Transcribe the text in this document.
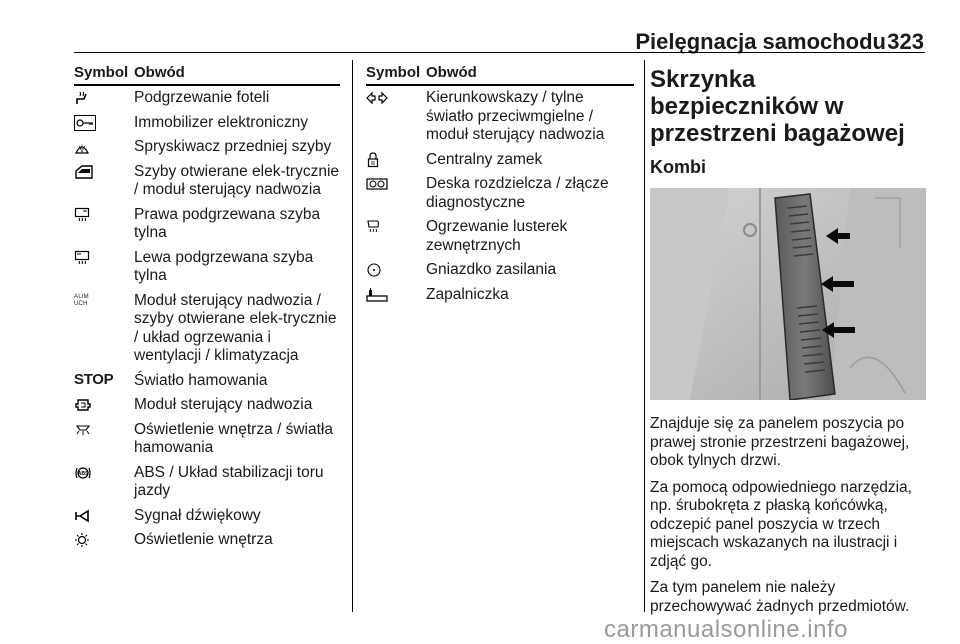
Pielęgnacja samochodu 323
Symbol Obwód
Podgrzewanie foteli
Immobilizer elektroniczny
Spryskiwacz przedniej szyby
Szyby otwierane elek-trycznie / moduł sterujący nadwozia
Prawa podgrzewana szyba tylna
Lewa podgrzewana szyba tylna
ALIM
UCH	Moduł sterujący nadwozia / szyby otwierane elek-trycznie / układ ogrzewania i wentylacji / klimatyzacja
STOP Światło hamowania
Moduł sterujący nadwozia
Oświetlenie wnętrza / światła hamowania
ABS	ABS / Układ stabilizacji toru jazdy
Sygnał dźwiękowy
Oświetlenie wnętrza
Symbol Obwód
Kierunkowskazy / tylne światło przeciwmgielne / moduł sterujący nadwozia
Centralny zamek
Deska rozdzielcza / złącze diagnostyczne
Ogrzewanie lusterek zewnętrznych
Gniazdko zasilania
Zapalniczka
Skrzynka bezpieczników w przestrzeni bagażowej
Kombi

Znajduje się za panelem poszycia po prawej stronie przestrzeni bagażowej, obok tylnych drzwi.

Za pomocą odpowiedniego narzędzia, np. śrubokręta z płaską końcówką, odczepić panel poszycia w trzech miejscach wskazanych na ilustracji i zdjąć go.

Za tym panelem nie należy przechowywać żadnych przedmiotów.

carmanualsonline.info
